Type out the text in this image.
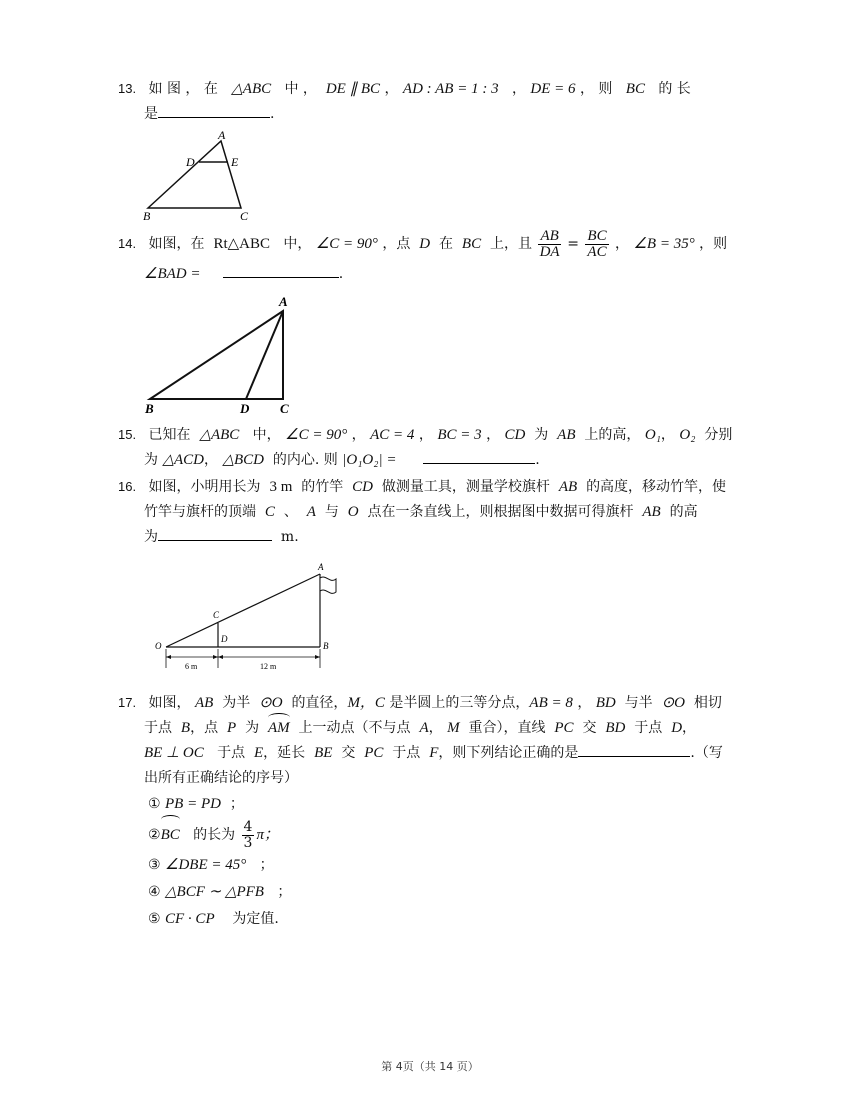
13. 如 图 ， 在 △ABC 中 ， DE ∥ BC ， AD : AB = 1 : 3 ， DE = 6 ， 则 BC 的 长
是	.
A
D	E
B	C
14. 如图，在 Rt△ABC 中， ∠C = 90° ，点 D 在 BC 上，且 $\frac{AB}{DA} = \frac{BC}{AC}$ ， ∠B = 35° ，则
∠BAD =	.
A
B	D C
15. 已知在 △ABC 中， ∠C = 90° ， AC = 4 ， BC = 3 ， CD 为 AB 上的高， O₁， O₂ 分别
为 △ACD， △BCD 的内心. 则 |O₁O₂| =	.
16. 如图，小明用长为 3 m 的竹竿 CD 做测量工具，测量学校旗杆 AB 的高度，移动竹竿，使
竹竿与旗杆的顶端 C 、 A 与 O 点在一条直线上，则根据图中数据可得旗杆 AB 的高
为	m.
O
C
D
A
B
6 m	12 m
17. 如图， AB 为半 ⊙O 的直径，M，C 是半圆上的三等分点，AB = 8 ， BD 与半 ⊙O 相切
于点 B，点 P 为 AM 上一动点（不与点 A， M 重合），直线 PC 交 BD 于点 D，
BE ⊥ OC 于点 E，延长 BE 交 PC 于点 F，则下列结论正确的是	.（写
出所有正确结论的序号）
① PB = PD ；
②BC 的长为 $\frac{4}{3}$ π；
③ ∠DBE = 45° ；
④ △BCF ∼ △PFB ；
⑤ CF · CP 为定值.
第 4页（共 14 页）
